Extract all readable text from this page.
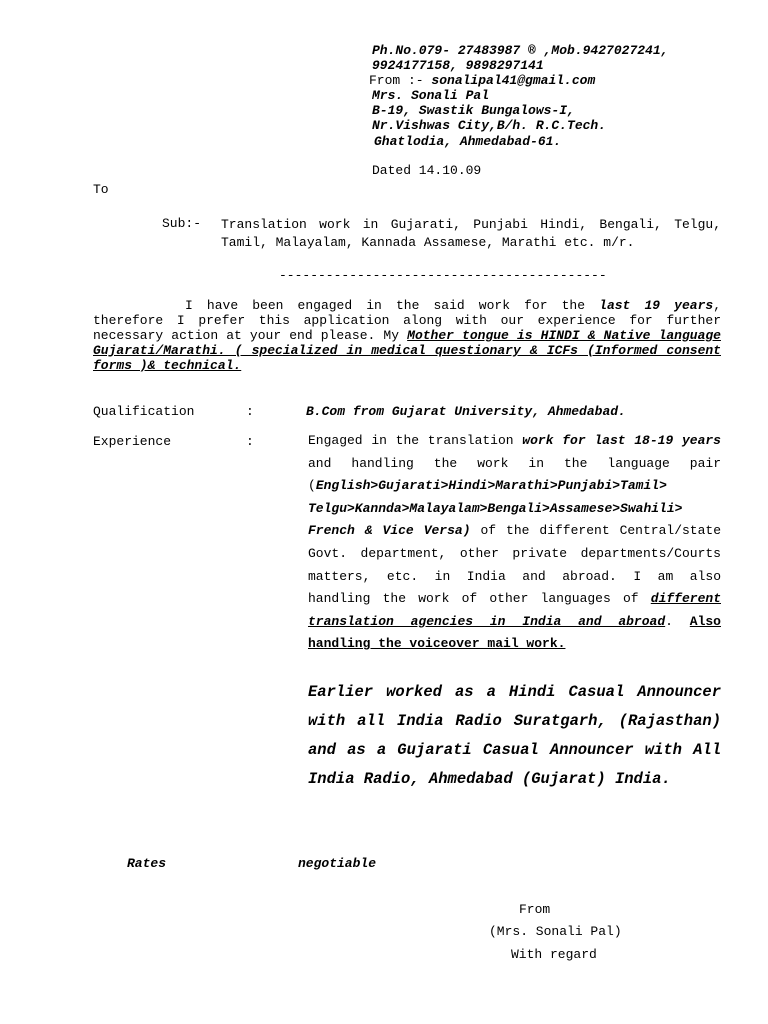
Ph.No.079- 27483987 ® ,Mob.9427027241,
9924177158, 9898297141
From :- sonalipal41@gmail.com
Mrs. Sonali Pal
B-19, Swastik Bungalows-I,
Nr.Vishwas City,B/h. R.C.Tech.
Ghatlodia, Ahmedabad-61.
Dated 14.10.09
To
Sub:- Translation work in Gujarati, Punjabi Hindi, Bengali, Telgu, Tamil, Malayalam, Kannada Assamese, Marathi etc. m/r.
------------------------------------------
I have been engaged in the said work for the last 19 years, therefore I prefer this application along with our experience for further necessary action at your end please. My Mother tongue is HINDI & Native language Gujarati/Marathi. ( specialized in medical questionary & ICFs (Informed consent forms )& technical.
Qualification	:	B.Com from Gujarat University, Ahmedabad.
Experience	:	Engaged in the translation work for last 18-19 years and handling the work in the language pair (English>Gujarati>Hindi>Marathi>Punjabi>Tamil> Telgu>Kannda>Malayalam>Bengali>Assamese>Swahili> French & Vice Versa) of the different Central/state Govt. department, other private departments/Courts matters, etc. in India and abroad. I am also handling the work of other languages of different translation agencies in India and abroad. Also handling the voiceover mail work.
Earlier worked as a Hindi Casual Announcer with all India Radio Suratgarh, (Rajasthan) and as a Gujarati Casual Announcer with All India Radio, Ahmedabad (Gujarat) India.
Rates	negotiable
From
(Mrs. Sonali Pal)
With regard
